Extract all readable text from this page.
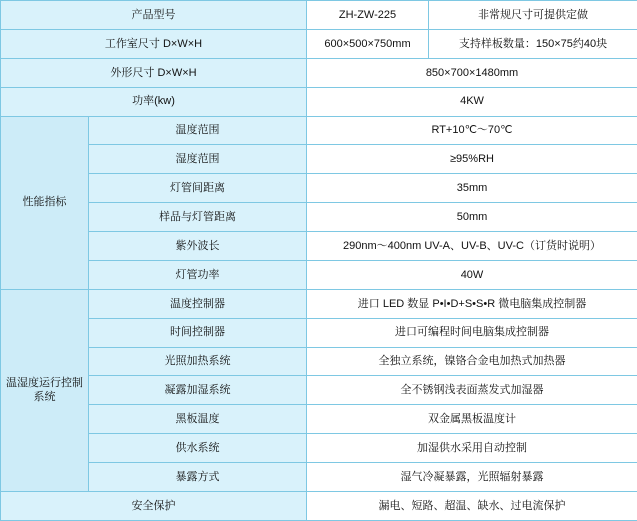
产品型号		ZH-ZW-225	非常规尺寸可提供定做
工作室尺寸 D×W×H		600×500×750mm	支持样板数量：150×75约40块
外形尺寸 D×W×H		850×700×1480mm	
功率(kw)		4KW	
性能指标	温度范围	RT+10℃～70℃	
	湿度范围	≥95%RH	
	灯管间距离	35mm	
	样品与灯管距离	50mm	
	紫外波长	290nm～400nm UV-A、UV-B、UV-C（订货时说明）	
	灯管功率	40W	
温湿度运行控制系统	温度控制器	进口 LED 数显 P•I•D+S•S•R 微电脑集成控制器	
	时间控制器	进口可编程时间电脑集成控制器	
	光照加热系统	全独立系统，镍铬合金电加热式加热器	
	凝露加湿系统	全不锈钢浅表面蒸发式加湿器	
	黑板温度	双金属黑板温度计	
	供水系统	加湿供水采用自动控制	
	暴露方式	湿气冷凝暴露，光照辐射暴露	
安全保护		漏电、短路、超温、缺水、过电流保护	
